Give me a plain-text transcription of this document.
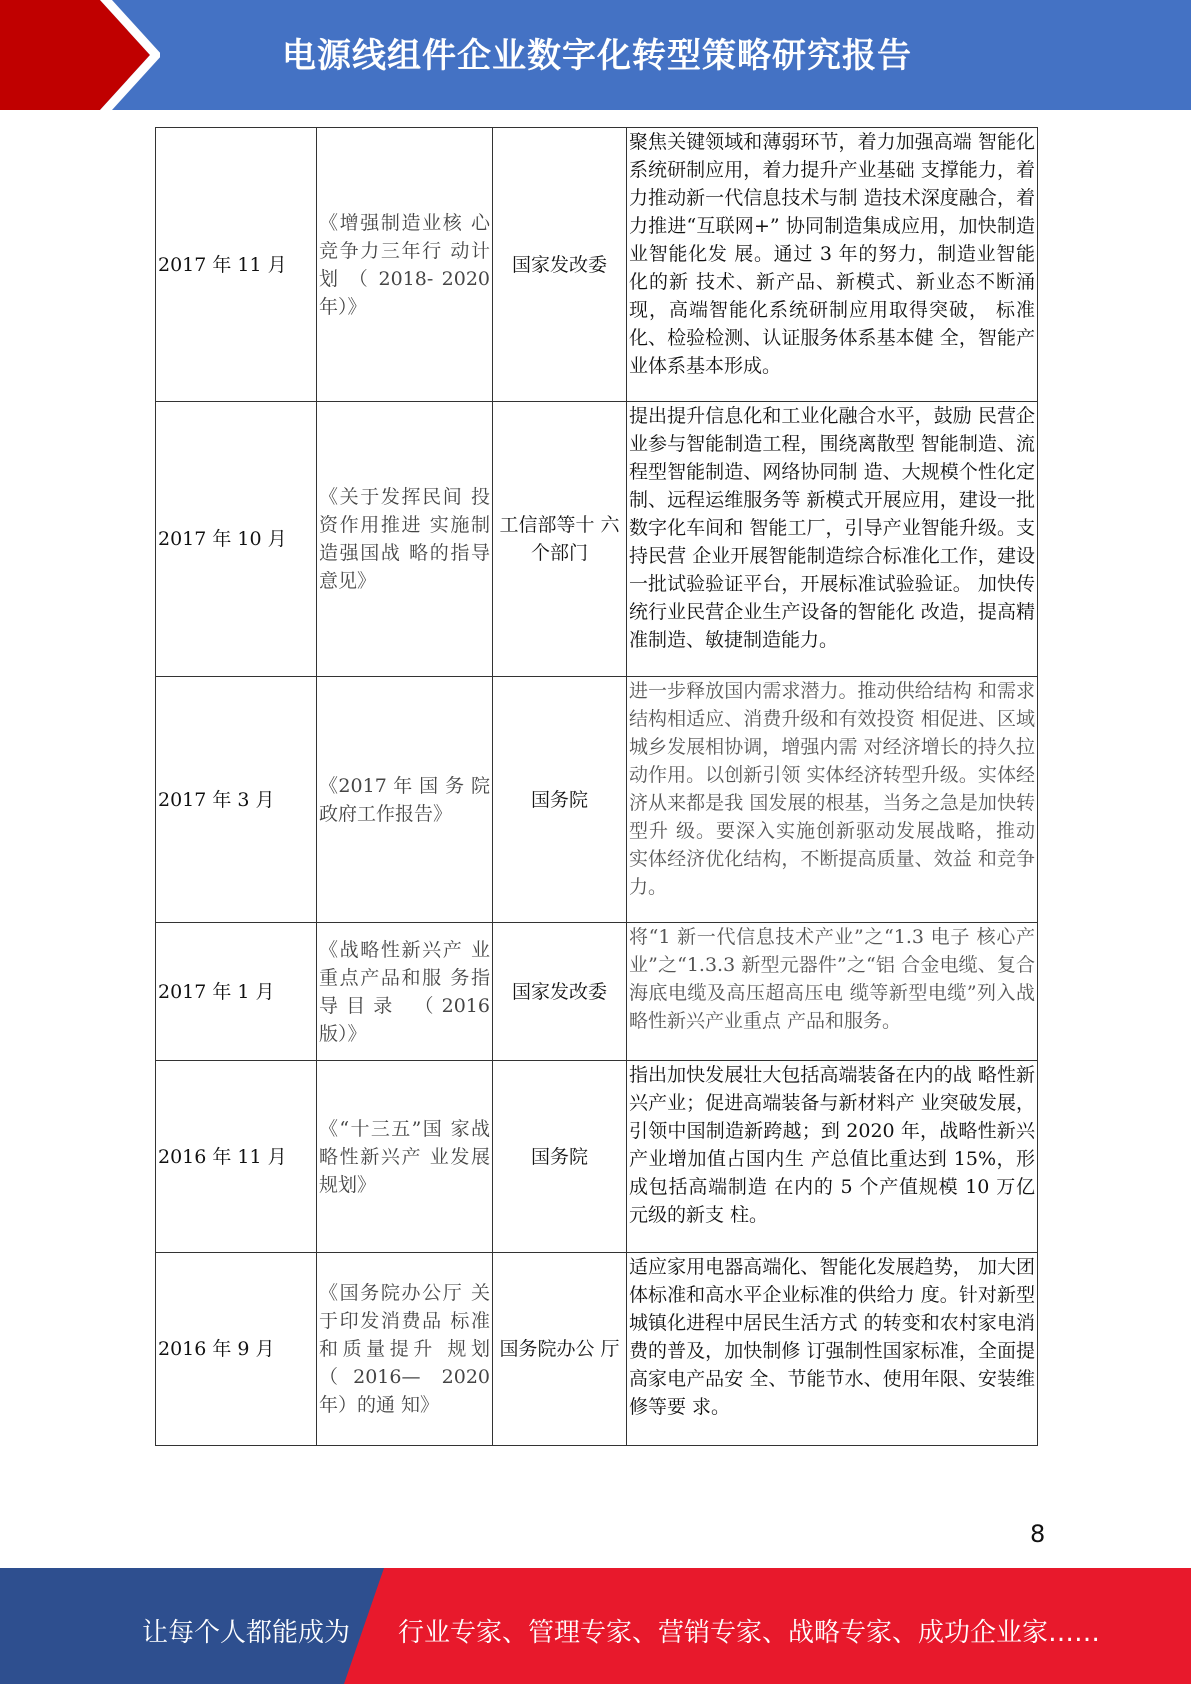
电源线组件企业数字化转型策略研究报告
2017 年 11 月	《增强制造业核 心竞争力三年行 动计划 （ 2018- 2020 年）》	国家发改委	聚焦关键领域和薄弱环节，着力加强高端 智能化系统研制应用，着力提升产业基础 支撑能力，着力推动新一代信息技术与制 造技术深度融合，着力推进“互联网+” 协同制造集成应用，加快制造业智能化发 展。通过 3 年的努力，制造业智能化的新 技术、新产品、新模式、新业态不断涌 现，高端智能化系统研制应用取得突破， 标准化、检验检测、认证服务体系基本健 全，智能产业体系基本形成。
2017 年 10 月	《关于发挥民间 投资作用推进 实施制造强国战 略的指导意见》	工信部等十 六个部门	提出提升信息化和工业化融合水平，鼓励 民营企业参与智能制造工程，围绕离散型 智能制造、流程型智能制造、网络协同制 造、大规模个性化定制、远程运维服务等 新模式开展应用，建设一批数字化车间和 智能工厂，引导产业智能升级。支持民营 企业开展智能制造综合标准化工作，建设 一批试验验证平台，开展标准试验验证。 加快传统行业民营企业生产设备的智能化 改造，提高精准制造、敏捷制造能力。
2017 年 3 月	《2017 年 国 务 院政府工作报告》	国务院	进一步释放国内需求潜力。推动供给结构 和需求结构相适应、消费升级和有效投资 相促进、区域城乡发展相协调，增强内需 对经济增长的持久拉动作用。以创新引领 实体经济转型升级。实体经济从来都是我 国发展的根基，当务之急是加快转型升 级。要深入实施创新驱动发展战略，推动 实体经济优化结构，不断提高质量、效益 和竞争力。
2017 年 1 月	《战略性新兴产 业重点产品和服 务指导目录 （2016 版）》	国家发改委	将“1 新一代信息技术产业”之“1.3 电子 核心产业”之“1.3.3 新型元器件”之“铝 合金电缆、复合海底电缆及高压超高压电 缆等新型电缆”列入战略性新兴产业重点 产品和服务。
2016 年 11 月	《“十三五”国 家战略性新兴产 业发展规划》	国务院	指出加快发展壮大包括高端装备在内的战 略性新兴产业；促进高端装备与新材料产 业突破发展，引领中国制造新跨越；到 2020 年，战略性新兴产业增加值占国内生 产总值比重达到 15%，形成包括高端制造 在内的 5 个产值规模 10 万亿元级的新支 柱。
2016 年 9 月	《国务院办公厅 关于印发消费品 标准和质量提升 规划（2016— 2020 年）的通 知》	国务院办公 厅	适应家用电器高端化、智能化发展趋势， 加大团体标准和高水平企业标准的供给力 度。针对新型城镇化进程中居民生活方式 的转变和农村家电消费的普及，加快制修 订强制性国家标准，全面提高家电产品安 全、节能节水、使用年限、安装维修等要 求。
8
让每个人都能成为 行业专家、管理专家、营销专家、战略专家、成功企业家……
